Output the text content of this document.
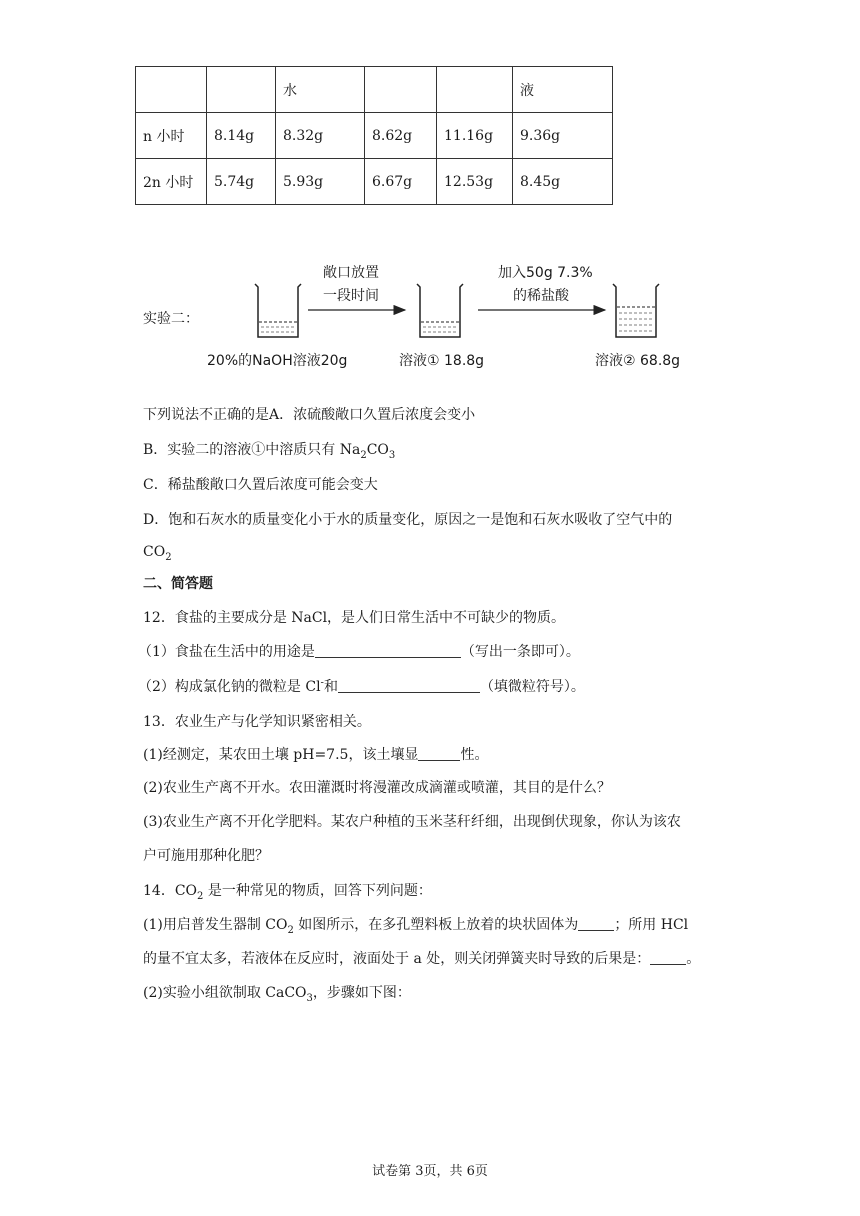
		水			液
n 小时	8.14g	8.32g	8.62g	11.16g	9.36g
2n 小时	5.74g	5.93g	6.67g	12.53g	8.45g
实验二：
敞口放置
一段时间
加入50g 7.3%
的稀盐酸
20%的NaOH溶液20g	溶液① 18.8g	溶液② 68.8g
下列说法不正确的是A．浓硫酸敞口久置后浓度会变小
B．实验二的溶液①中溶质只有 $Na_2CO_3$
C．稀盐酸敞口久置后浓度可能会变大
D．饱和石灰水的质量变化小于水的质量变化，原因之一是饱和石灰水吸收了空气中的
$CO_2$
二、简答题
12．食盐的主要成分是 NaCl，是人们日常生活中不可缺少的物质。
（1）食盐在生活中的用途是	（写出一条即可）。
（2）构成氯化钠的微粒是 Cl-和	（填微粒符号）。
13．农业生产与化学知识紧密相关。
(1)经测定，某农田土壤 pH=7.5，该土壤显	性。
(2)农业生产离不开水。农田灌溉时将漫灌改成滴灌或喷灌，其目的是什么？
(3)农业生产离不开化学肥料。某农户种植的玉米茎秆纤细，出现倒伏现象，你认为该农
户可施用那种化肥？
14．$CO_2$ 是一种常见的物质，回答下列问题：
(1)用启普发生器制 $CO_2$ 如图所示，在多孔塑料板上放着的块状固体为	；所用 HCl
的量不宜太多，若液体在反应时，液面处于 a 处，则关闭弹簧夹时导致的后果是：	。
(2)实验小组欲制取 CaCO$_3$，步骤如下图：
试卷第 3页，共 6页
